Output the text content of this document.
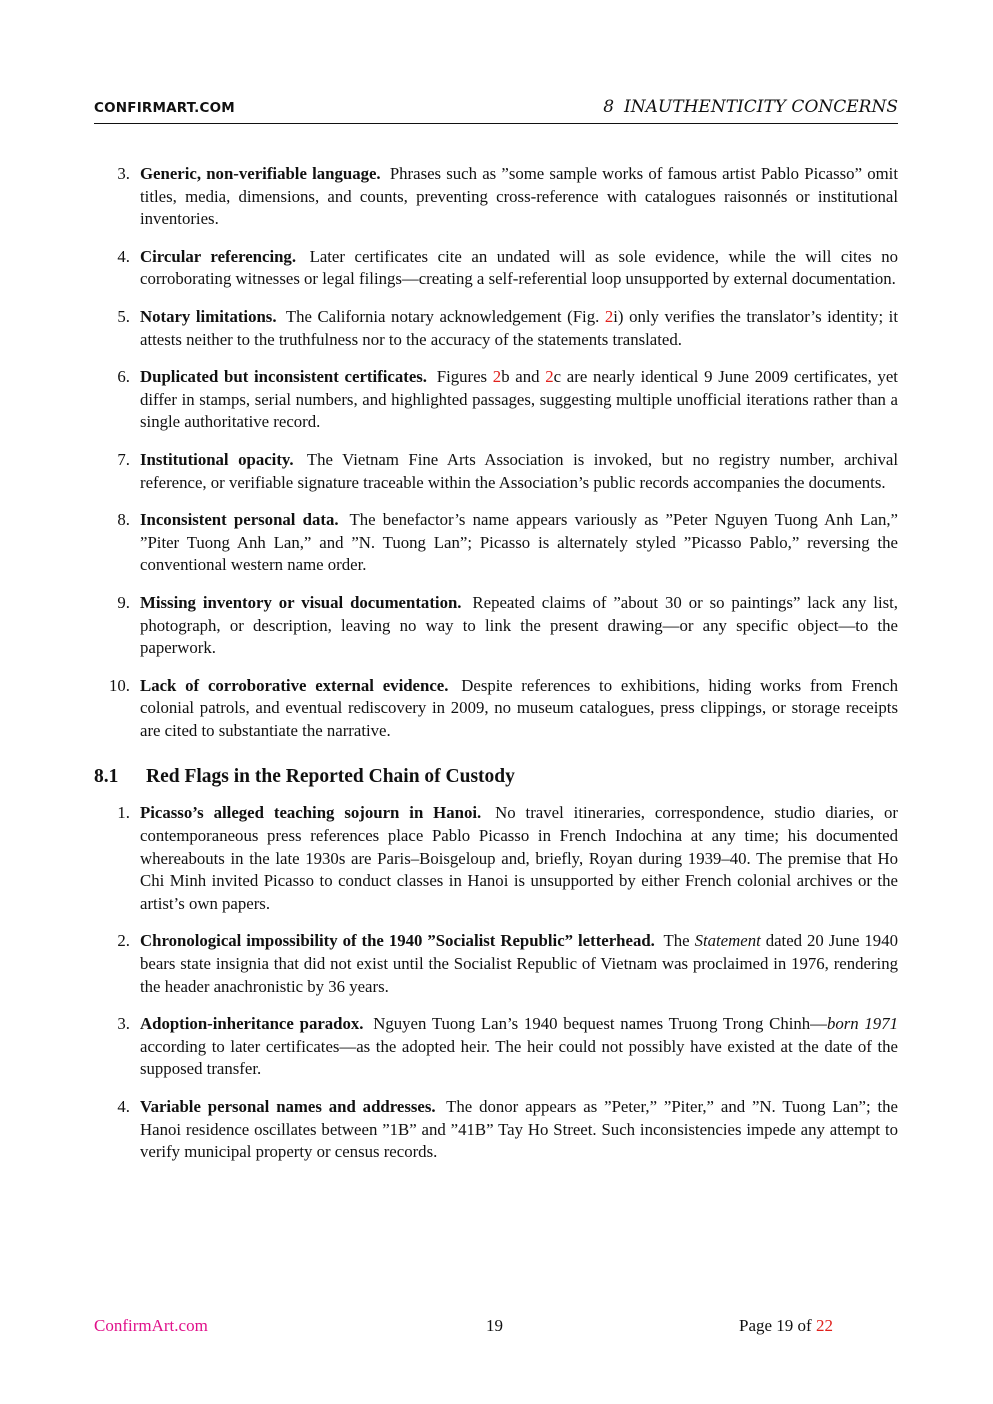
CONFIRMART.COM	8 INAUTHENTICITY CONCERNS
3. Generic, non-verifiable language. Phrases such as ”some sample works of famous artist Pablo Picasso” omit titles, media, dimensions, and counts, preventing cross-reference with catalogues raisonnés or institutional inventories.
4. Circular referencing. Later certificates cite an undated will as sole evidence, while the will cites no corroborating witnesses or legal filings—creating a self-referential loop unsupported by external documentation.
5. Notary limitations. The California notary acknowledgement (Fig. 2i) only verifies the translator’s identity; it attests neither to the truthfulness nor to the accuracy of the statements translated.
6. Duplicated but inconsistent certificates. Figures 2b and 2c are nearly identical 9 June 2009 certificates, yet differ in stamps, serial numbers, and highlighted passages, suggesting multiple unofficial iterations rather than a single authoritative record.
7. Institutional opacity. The Vietnam Fine Arts Association is invoked, but no registry number, archival reference, or verifiable signature traceable within the Association’s public records accompanies the documents.
8. Inconsistent personal data. The benefactor’s name appears variously as ”Peter Nguyen Tuong Anh Lan,” ”Piter Tuong Anh Lan,” and ”N. Tuong Lan”; Picasso is alternately styled ”Picasso Pablo,” reversing the conventional western name order.
9. Missing inventory or visual documentation. Repeated claims of ”about 30 or so paintings” lack any list, photograph, or description, leaving no way to link the present drawing—or any specific object—to the paperwork.
10. Lack of corroborative external evidence. Despite references to exhibitions, hiding works from French colonial patrols, and eventual rediscovery in 2009, no museum catalogues, press clippings, or storage receipts are cited to substantiate the narrative.
8.1 Red Flags in the Reported Chain of Custody
1. Picasso’s alleged teaching sojourn in Hanoi. No travel itineraries, correspondence, studio diaries, or contemporaneous press references place Pablo Picasso in French Indochina at any time; his documented whereabouts in the late 1930s are Paris–Boisgeloup and, briefly, Royan during 1939–40. The premise that Ho Chi Minh invited Picasso to conduct classes in Hanoi is unsupported by either French colonial archives or the artist’s own papers.
2. Chronological impossibility of the 1940 ”Socialist Republic” letterhead. The Statement dated 20 June 1940 bears state insignia that did not exist until the Socialist Republic of Vietnam was proclaimed in 1976, rendering the header anachronistic by 36 years.
3. Adoption-inheritance paradox. Nguyen Tuong Lan’s 1940 bequest names Truong Trong Chinh—born 1971 according to later certificates—as the adopted heir. The heir could not possibly have existed at the date of the supposed transfer.
4. Variable personal names and addresses. The donor appears as ”Peter,” ”Piter,” and ”N. Tuong Lan”; the Hanoi residence oscillates between ”1B” and ”41B” Tay Ho Street. Such inconsistencies impede any attempt to verify municipal property or census records.
ConfirmArt.com	19	Page 19 of 22
